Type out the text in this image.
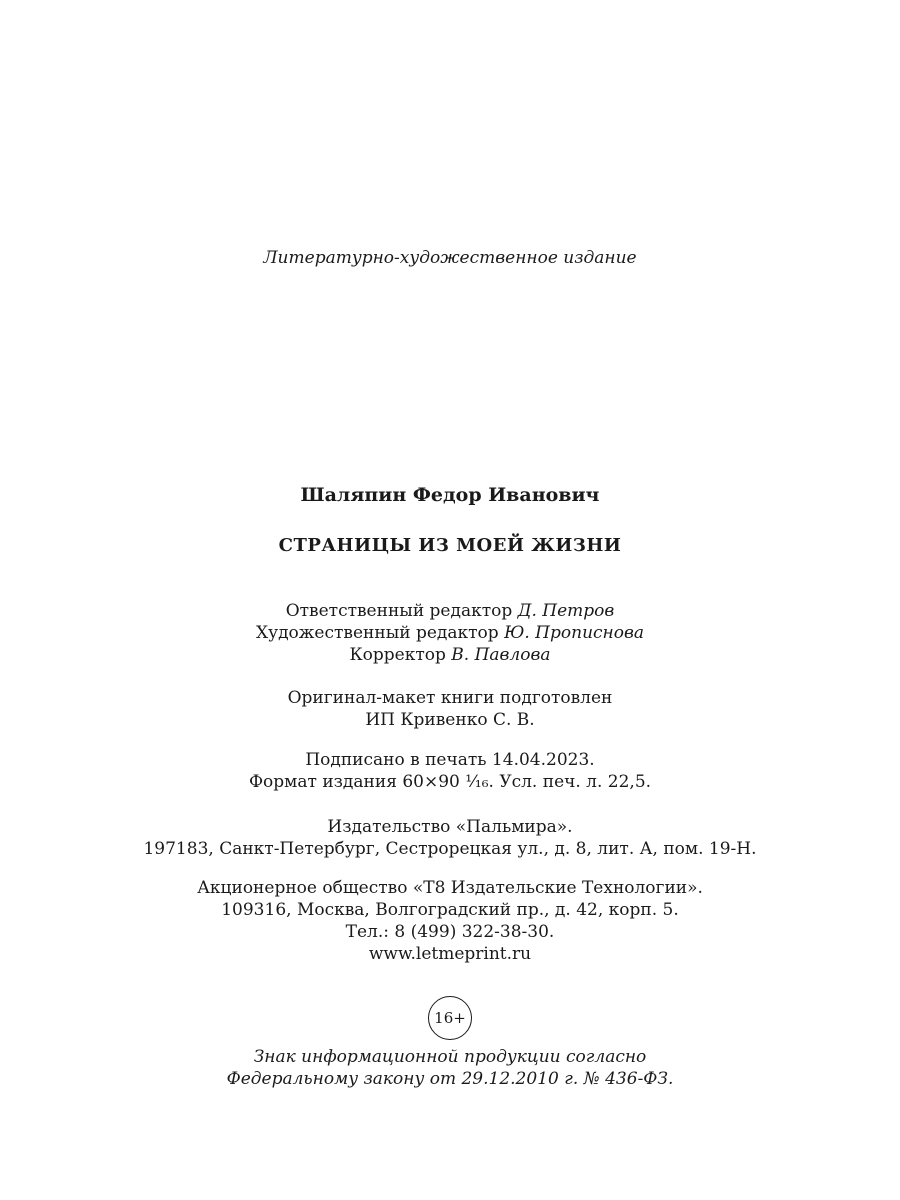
Литературно-художественное издание
Шаляпин Федор Иванович
СТРАНИЦЫ ИЗ МОЕЙ ЖИЗНИ
Ответственный редактор Д. Петров
Художественный редактор Ю. Прописнова
Корректор В. Павлова
Оригинал-макет книги подготовлен
ИП Кривенко С. В.
Подписано в печать 14.04.2023.
Формат издания 60×90 ¹⁄₁₆. Усл. печ. л. 22,5.
Издательство «Пальмира».
197183, Санкт-Петербург, Сестрорецкая ул., д. 8, лит. А, пом. 19-Н.
Акционерное общество «Т8 Издательские Технологии».
109316, Москва, Волгоградский пр., д. 42, корп. 5.
Тел.: 8 (499) 322-38-30.
www.letmeprint.ru
16+
Знак информационной продукции согласно
Федеральному закону от 29.12.2010 г. № 436-ФЗ.
